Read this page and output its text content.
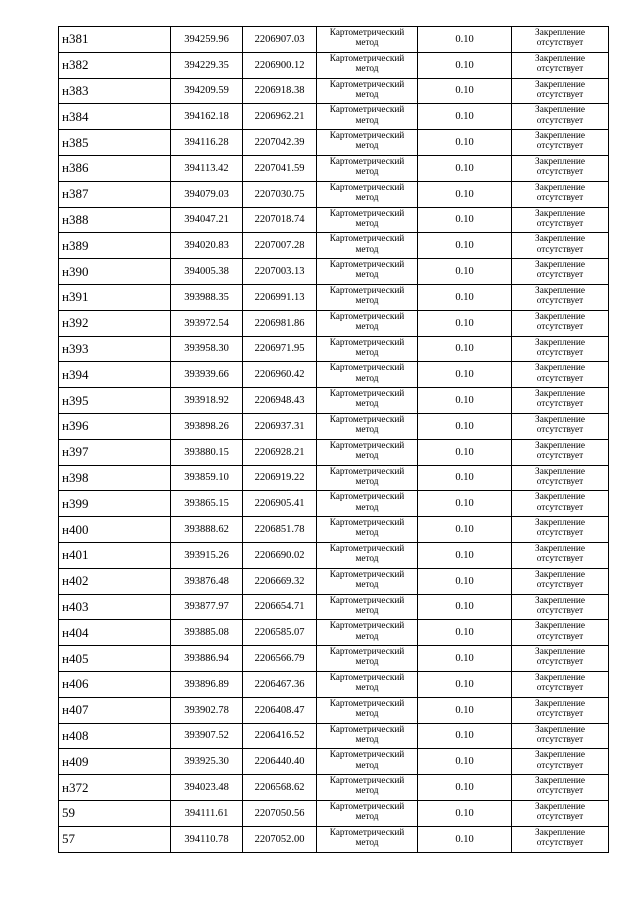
н381	394259.96	2206907.03	Картометрический
метод	0.10	Закрепление
отсутствует

н382	394229.35	2206900.12	Картометрический
метод	0.10	Закрепление
отсутствует

н383	394209.59	2206918.38	Картометрический
метод	0.10	Закрепление
отсутствует

н384	394162.18	2206962.21	Картометрический
метод	0.10	Закрепление
отсутствует

н385	394116.28	2207042.39	Картометрический
метод	0.10	Закрепление
отсутствует

н386	394113.42	2207041.59	Картометрический
метод	0.10	Закрепление
отсутствует

н387	394079.03	2207030.75	Картометрический
метод	0.10	Закрепление
отсутствует

н388	394047.21	2207018.74	Картометрический
метод	0.10	Закрепление
отсутствует

н389	394020.83	2207007.28	Картометрический
метод	0.10	Закрепление
отсутствует

н390	394005.38	2207003.13	Картометрический
метод	0.10	Закрепление
отсутствует

н391	393988.35	2206991.13	Картометрический
метод	0.10	Закрепление
отсутствует

н392	393972.54	2206981.86	Картометрический
метод	0.10	Закрепление
отсутствует

н393	393958.30	2206971.95	Картометрический
метод	0.10	Закрепление
отсутствует

н394	393939.66	2206960.42	Картометрический
метод	0.10	Закрепление
отсутствует

н395	393918.92	2206948.43	Картометрический
метод	0.10	Закрепление
отсутствует

н396	393898.26	2206937.31	Картометрический
метод	0.10	Закрепление
отсутствует

н397	393880.15	2206928.21	Картометрический
метод	0.10	Закрепление
отсутствует

н398	393859.10	2206919.22	Картометрический
метод	0.10	Закрепление
отсутствует

н399	393865.15	2206905.41	Картометрический
метод	0.10	Закрепление
отсутствует

н400	393888.62	2206851.78	Картометрический
метод	0.10	Закрепление
отсутствует

н401	393915.26	2206690.02	Картометрический
метод	0.10	Закрепление
отсутствует

н402	393876.48	2206669.32	Картометрический
метод	0.10	Закрепление
отсутствует

н403	393877.97	2206654.71	Картометрический
метод	0.10	Закрепление
отсутствует

н404	393885.08	2206585.07	Картометрический
метод	0.10	Закрепление
отсутствует

н405	393886.94	2206566.79	Картометрический
метод	0.10	Закрепление
отсутствует

н406	393896.89	2206467.36	Картометрический
метод	0.10	Закрепление
отсутствует

н407	393902.78	2206408.47	Картометрический
метод	0.10	Закрепление
отсутствует

н408	393907.52	2206416.52	Картометрический
метод	0.10	Закрепление
отсутствует

н409	393925.30	2206440.40	Картометрический
метод	0.10	Закрепление
отсутствует

н372	394023.48	2206568.62	Картометрический
метод	0.10	Закрепление
отсутствует

59	394111.61	2207050.56	Картометрический
метод	0.10	Закрепление
отсутствует

57	394110.78	2207052.00	Картометрический
метод	0.10	Закрепление
отсутствует
